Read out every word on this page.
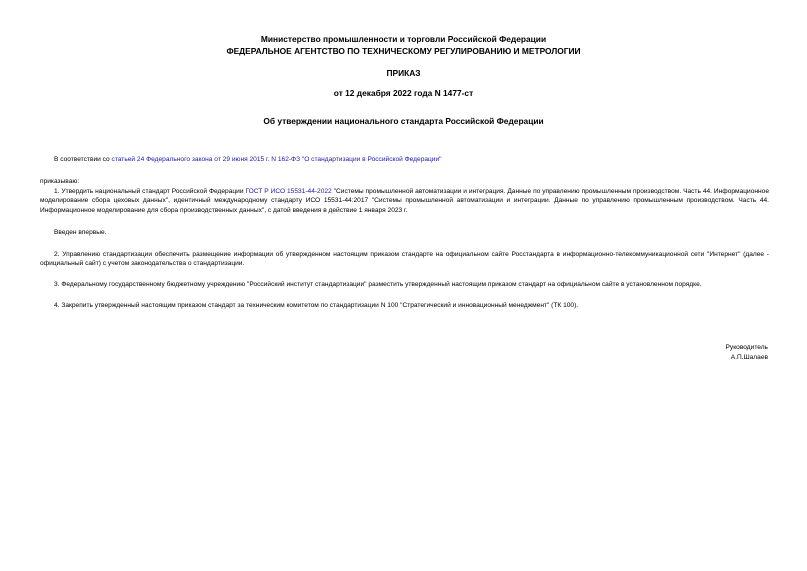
Министерство промышленности и торговли Российской Федерации
ФЕДЕРАЛЬНОЕ АГЕНТСТВО ПО ТЕХНИЧЕСКОМУ РЕГУЛИРОВАНИЮ И МЕТРОЛОГИИ
ПРИКАЗ
от 12 декабря 2022 года N 1477-ст
Об утверждении национального стандарта Российской Федерации
В соответствии со статьей 24 Федерального закона от 29 июня 2015 г. N 162-ФЗ "О стандартизации в Российской Федерации"
приказываю:
1. Утвердить национальный стандарт Российской Федерации ГОСТ Р ИСО 15531-44-2022 "Системы промышленной автоматизации и интеграция. Данные по управлению промышленным производством. Часть 44. Информационное моделирование сбора цеховых данных", идентичный международному стандарту ИСО 15531-44:2017 "Системы промышленной автоматизации и интеграции. Данные по управлению промышленным производством. Часть 44. Информационное моделирование для сбора производственных данных", с датой введения в действие 1 января 2023 г.
Введен впервые.
2. Управлению стандартизации обеспечить размещение информации об утвержденном настоящим приказом стандарте на официальном сайте Росстандарта в информационно-телекоммуникационной сети "Интернет" (далее - официальный сайт) с учетом законодательства о стандартизации.
3. Федеральному государственному бюджетному учреждению "Российский институт стандартизации" разместить утвержденный настоящим приказом стандарт на официальном сайте в установленном порядке.
4. Закрепить утвержденный настоящим приказом стандарт за техническим комитетом по стандартизации N 100 "Стратегический и инновационный менеджмент" (ТК 100).
Руководитель
А.П.Шалаев
